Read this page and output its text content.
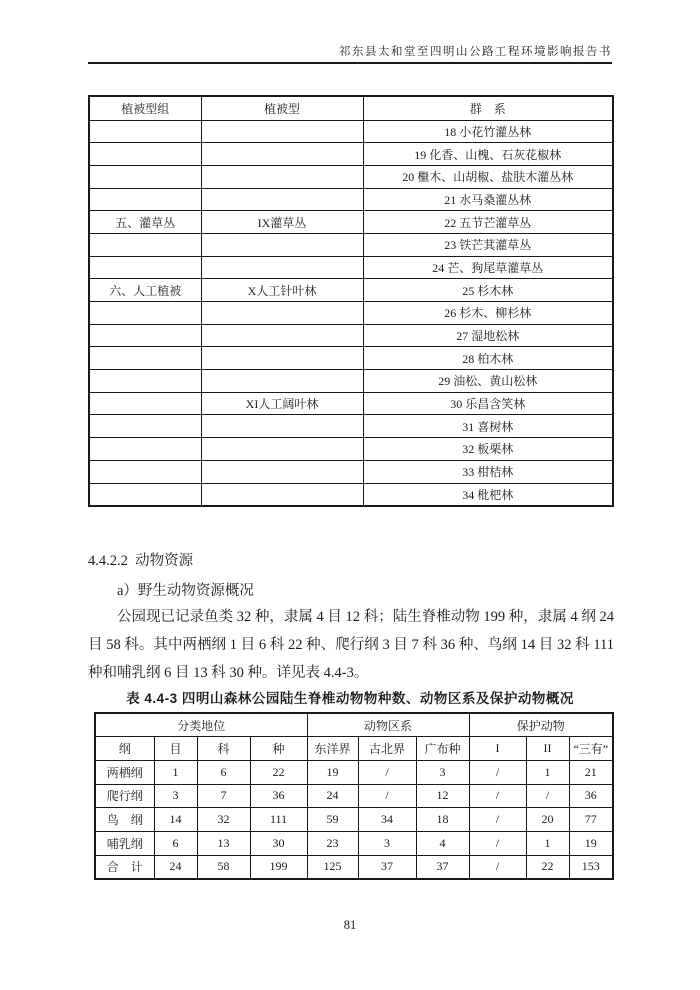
祁东县太和堂至四明山公路工程环境影响报告书
植被型组	植被型	群　系
		18 小花竹灌丛林
		19 化香、山槐、石灰花椒林
		20 檵木、山胡椒、盐肤木灌丛林
		21 水马桑灌丛林
五、灌草丛	IX灌草丛	22 五节芒灌草丛
		23 铁芒萁灌草丛
		24 芒、狗尾草灌草丛
六、人工植被	X人工针叶林	25 杉木林
		26 杉木、柳杉林
		27 湿地松林
		28 柏木林
		29 油松、黄山松林
	XI人工阔叶林	30 乐昌含笑林
		31 喜树林
		32 板栗林
		33 柑桔林
		34 枇杷林
4.4.2.2  动物资源
a）野生动物资源概况
公园现已记录鱼类 32 种，隶属 4 目 12 科；陆生脊椎动物 199 种，隶属 4 纲 24 目 58 科。其中两栖纲 1 目 6 科 22 种、爬行纲 3 目 7 科 36 种、鸟纲 14 目 32 科 111 种和哺乳纲 6 目 13 科 30 种。详见表 4.4-3。
表 4.4-3 四明山森林公园陆生脊椎动物物种数、动物区系及保护动物概况
分类地位				动物区系			保护动物		
纲	目	科	种	东洋界	古北界	广布种	I	II	“三有”
两栖纲	1	6	22	19	/	3	/	1	21
爬行纲	3	7	36	24	/	12	/	/	36
鸟　纲	14	32	111	59	34	18	/	20	77
哺乳纲	6	13	30	23	3	4	/	1	19
合　计	24	58	199	125	37	37	/	22	153
81
